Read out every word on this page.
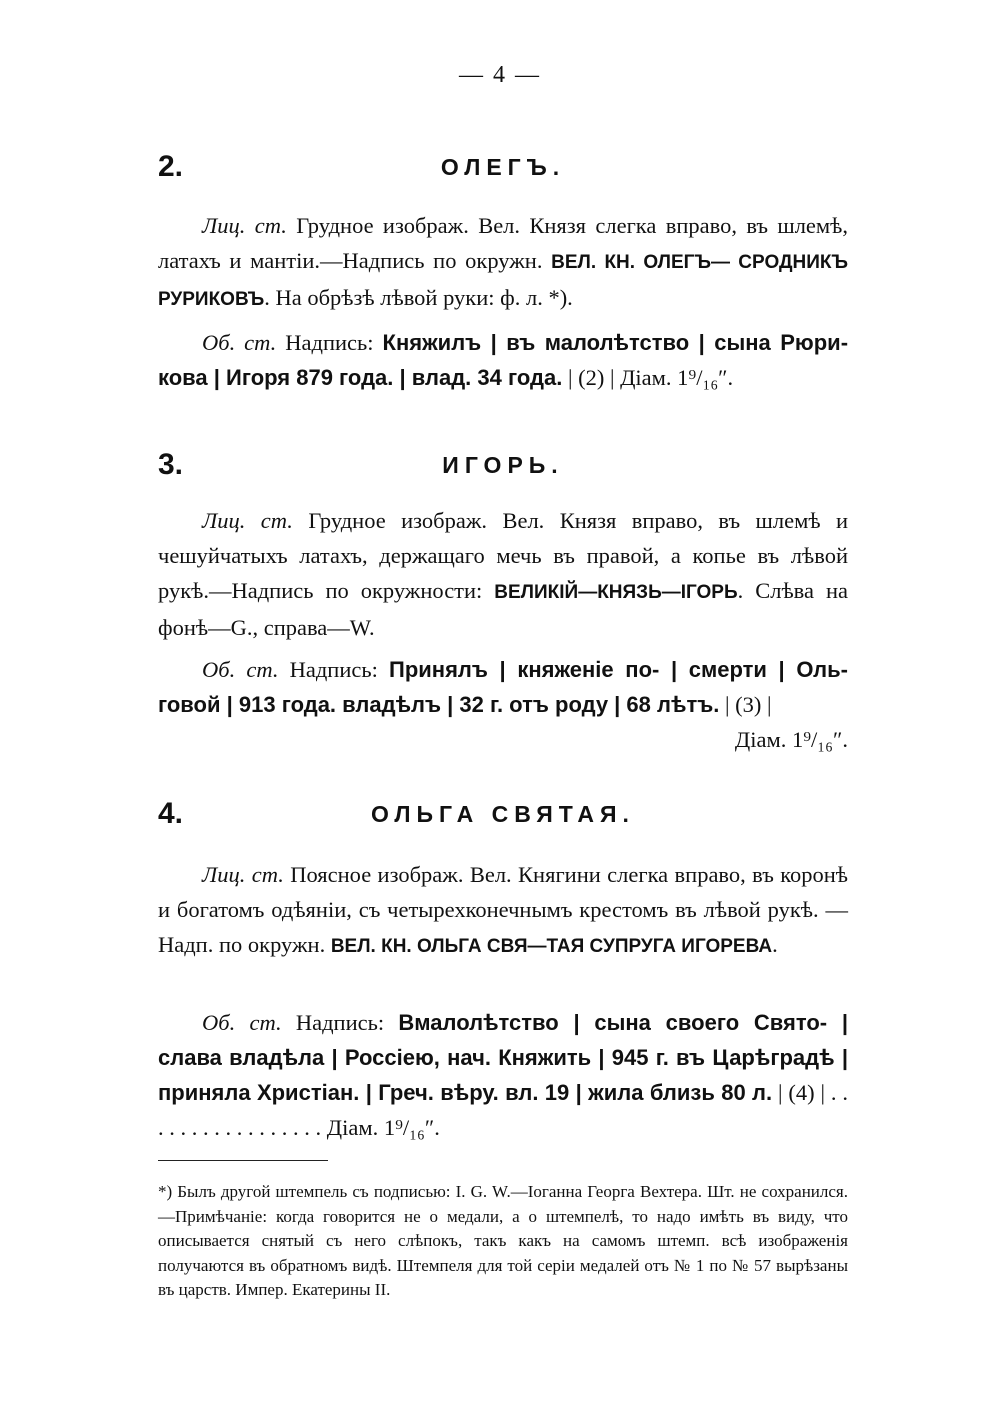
— 4 —
2.	ОЛЕГЪ.
Лиц. ст. Грудное изображ. Вел. Князя слегка вправо, въ шлемѣ, латахъ и мантіи.—Надпись по окружн. ВЕЛ. КН. ОЛЕГЪ— СРОДНИКЪ РУРИКОВЪ. На обрѣзѣ лѣвой руки: ф. л. *).
Об. ст. Надпись: Княжилъ | въ малолѣтство | сына Рюрикова | Игоря 879 года. | влад. 34 года. | (2) | Діам. 1⁹/₁₆″.
3.	ИГОРЬ.
Лиц. ст. Грудное изображ. Вел. Князя вправо, въ шлемѣ и чешуйчатыхъ латахъ, держащаго мечь въ правой, а копье въ лѣвой рукѣ.—Надпись по окружности: ВЕЛИКІЙ—КНЯЗЬ—ІГОРЬ. Слѣва на фонѣ—G., справа—W.
Об. ст. Надпись: Принялъ | княженіе по- | смерти | Ольговой | 913 года. владѣлъ | 32 г. отъ роду | 68 лѣтъ. | (3) |
Діам. 1⁹/₁₆″.
4.	ОЛЬГА СВЯТАЯ.
Лиц. ст. Поясное изображ. Вел. Княгини слегка вправо, въ коронѣ и богатомъ одѣяніи, съ четырехконечнымъ крестомъ въ лѣвой рукѣ. — Надп. по окружн. ВЕЛ. КН. ОЛЬГА СВЯ—ТАЯ СУПРУГА ИГОРЕВА.
Об. ст. Надпись: Вмалолѣтство | сына своего Свято- | слава владѣла | Россіею, нач. Княжить | 945 г. въ Царѣградѣ | приняла Христіан. | Греч. вѣру. вл. 19 | жила близь 80 л. | (4) | . . . . . . . . . . . . . . . . . Діам. 1⁹/₁₆″.
*) Былъ другой штемпель съ подписью: I. G. W.—Іоганна Георга Вехтера. Шт. не сохранился.—Примѣчаніе: когда говорится не о медали, а о штемпелѣ, то надо имѣть въ виду, что описывается снятый съ него слѣпокъ, такъ какъ на самомъ штемп. всѣ изображенія получаются въ обратномъ видѣ. Штемпеля для той серіи медалей отъ № 1 по № 57 вырѣзаны въ царств. Импер. Екатерины II.
